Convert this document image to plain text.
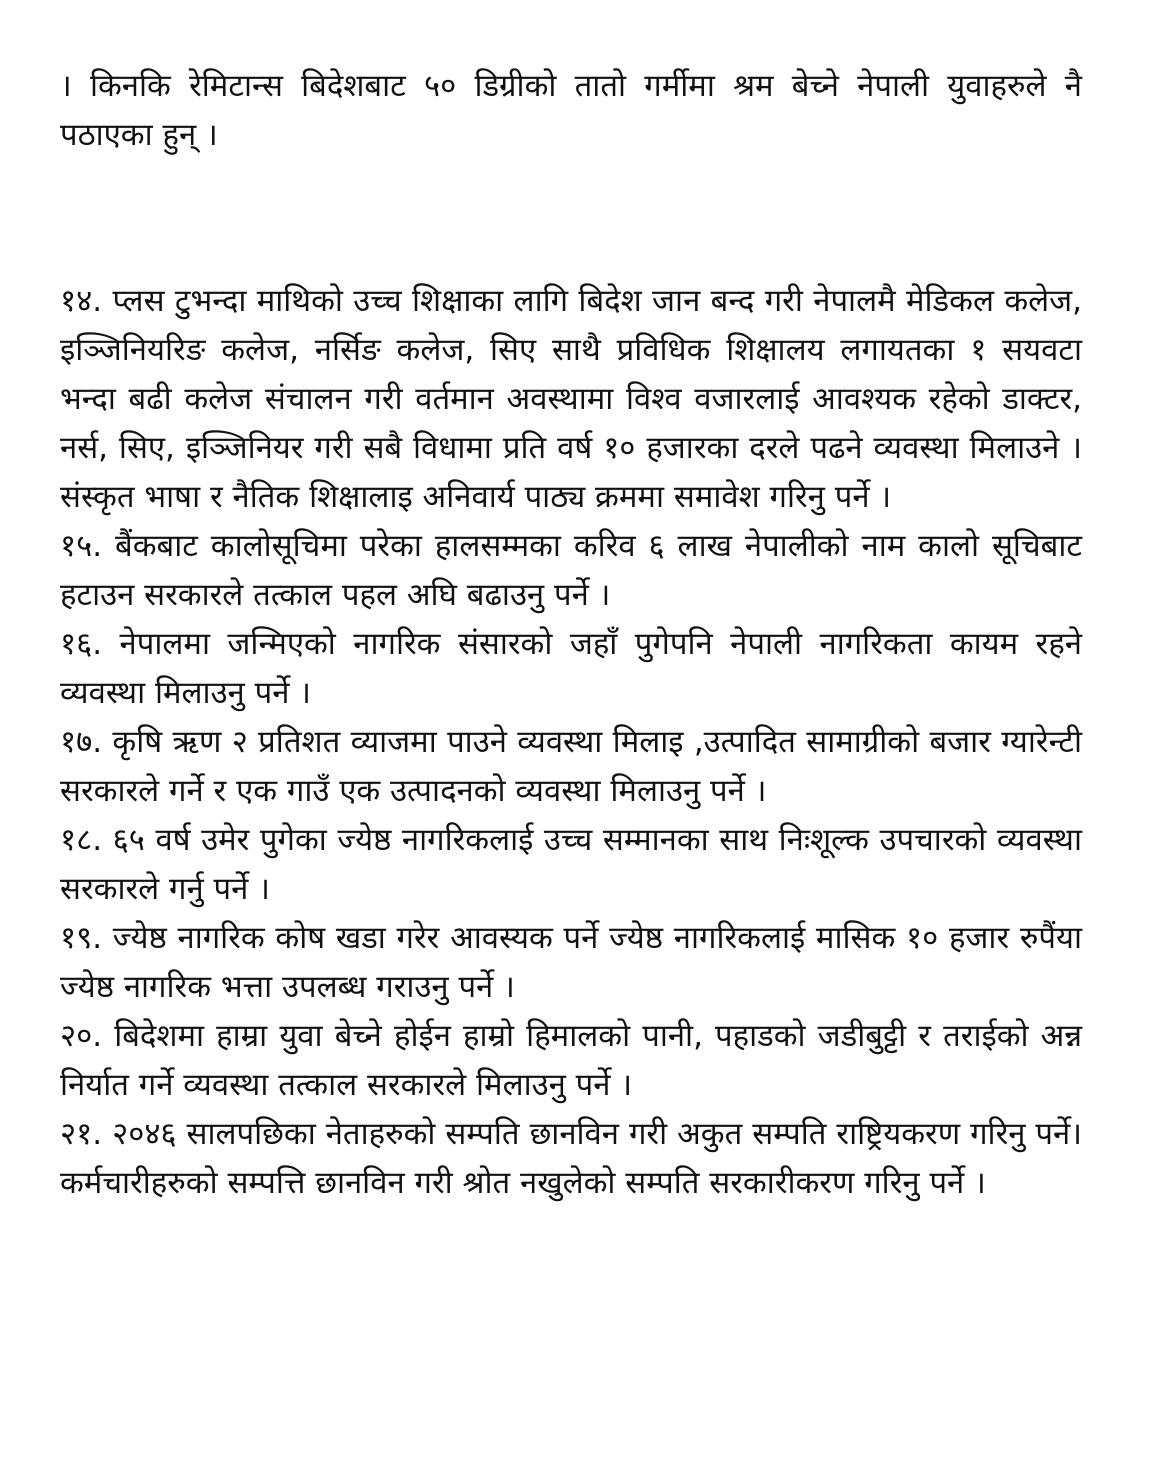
। किनकि रेमिटान्स बिदेशबाट ५० डिग्रीको तातो गर्मीमा श्रम बेच्ने नेपाली युवाहरुले नै पठाएका हुन् ।

१४. प्लस टुभन्दा माथिको उच्च शिक्षाका लागि बिदेश जान बन्द गरी नेपालमै मेडिकल कलेज, इञ्जिनियरिङ कलेज, नर्सिङ कलेज, सिए साथै प्रविधिक शिक्षालय लगायतका १ सयवटा भन्दा बढी कलेज संचालन गरी वर्तमान अवस्थामा विश्व वजारलाई आवश्यक रहेको डाक्टर, नर्स, सिए, इञ्जिनियर गरी सबै विधामा प्रति वर्ष १० हजारका दरले पढने व्यवस्था मिलाउने । संस्कृत भाषा र नैतिक शिक्षालाइ अनिवार्य पाठ्य क्रममा समावेश गरिनु पर्ने ।

१५. बैंकबाट कालोसूचिमा परेका हालसम्मका करिव ६ लाख नेपालीको नाम कालो सूचिबाट हटाउन सरकारले तत्काल पहल अघि बढाउनु पर्ने ।

१६. नेपालमा जन्मिएको नागरिक संसारको जहाँ पुगेपनि नेपाली नागरिकता कायम रहने व्यवस्था मिलाउनु पर्ने ।

१७. कृषि ऋण २ प्रतिशत व्याजमा पाउने व्यवस्था मिलाइ ,उत्पादित सामाग्रीको बजार ग्यारेन्टी सरकारले गर्ने र एक गाउँ एक उत्पादनको व्यवस्था मिलाउनु पर्ने ।

१८. ६५ वर्ष उमेर पुगेका ज्येष्ठ नागरिकलाई उच्च सम्मानका साथ निःशूल्क उपचारको व्यवस्था सरकारले गर्नु पर्ने ।

१९. ज्येष्ठ नागरिक कोष खडा गरेर आवस्यक पर्ने ज्येष्ठ नागरिकलाई मासिक १० हजार रुपैंया ज्येष्ठ नागरिक भत्ता उपलब्ध गराउनु पर्ने ।

२०. बिदेशमा हाम्रा युवा बेच्ने होईन हाम्रो हिमालको पानी, पहाडको जडीबुट्टी र तराईको अन्न निर्यात गर्ने व्यवस्था तत्काल सरकारले मिलाउनु पर्ने ।

२१. २०४६ सालपछिका नेताहरुको सम्पति छानविन गरी अकुत सम्पति राष्ट्रियकरण गरिनु पर्ने। कर्मचारीहरुको सम्पत्ति छानविन गरी श्रोत नखुलेको सम्पति सरकारीकरण गरिनु पर्ने ।
